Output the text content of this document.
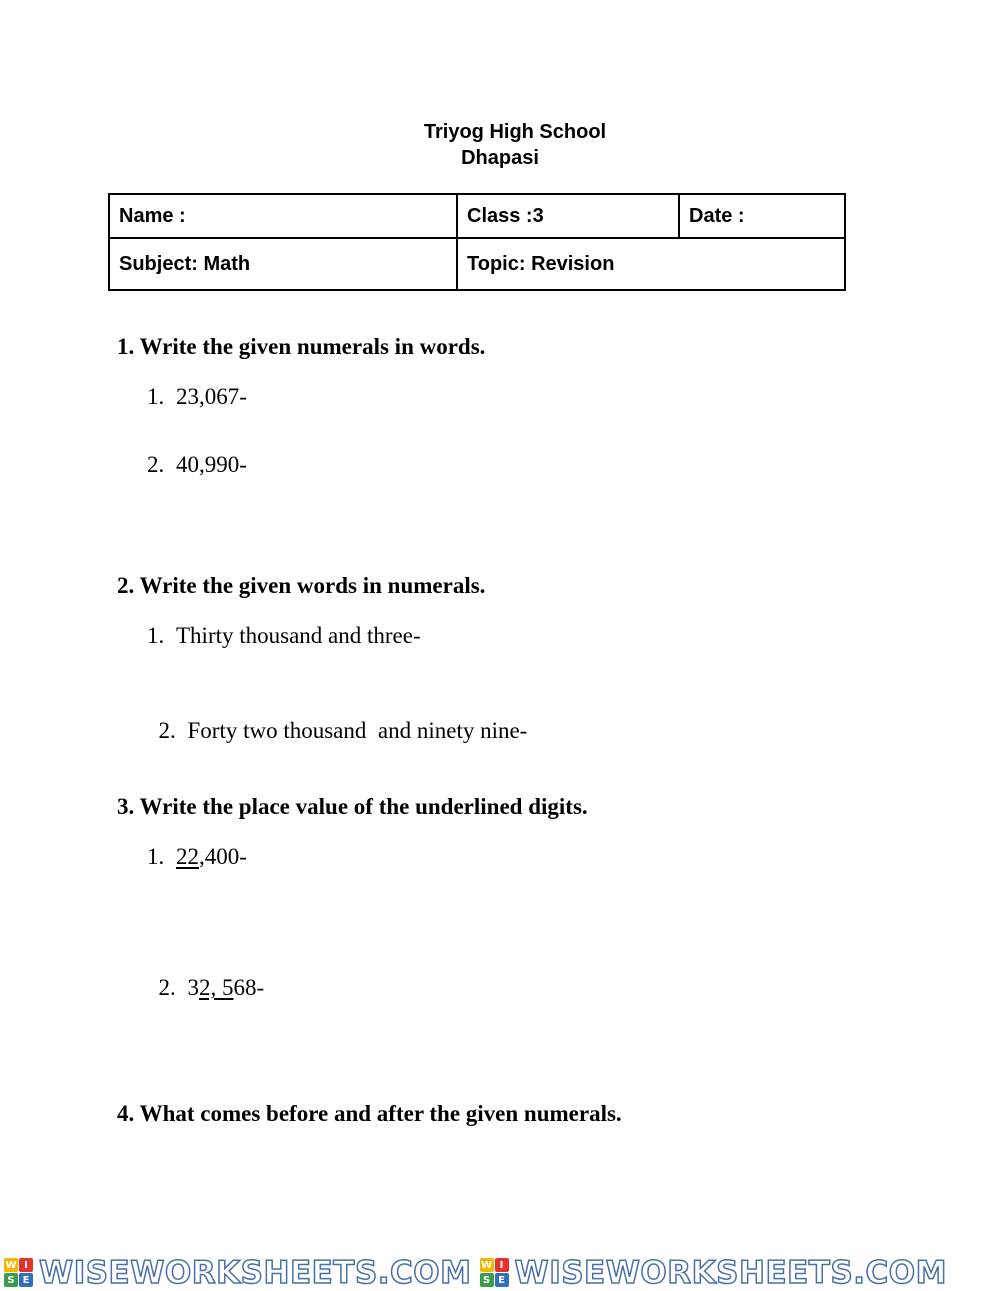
Triyog High School
Dhapasi
Name :	Class :3	Date :
Subject: Math	Topic: Revision	
1. Write the given numerals in words.
1. 23,067-
2. 40,990-
2. Write the given words in numerals.
1. Thirty thousand and three-

2. Forty two thousand  and ninety nine-

3. Write the place value of the underlined digits.
1. 22,400-

2. 32, 568-

4. What comes before and after the given numerals.
W I
S E WISEWORKSHEETS.COM W I
S E WISEWORKSHEETS.COM
